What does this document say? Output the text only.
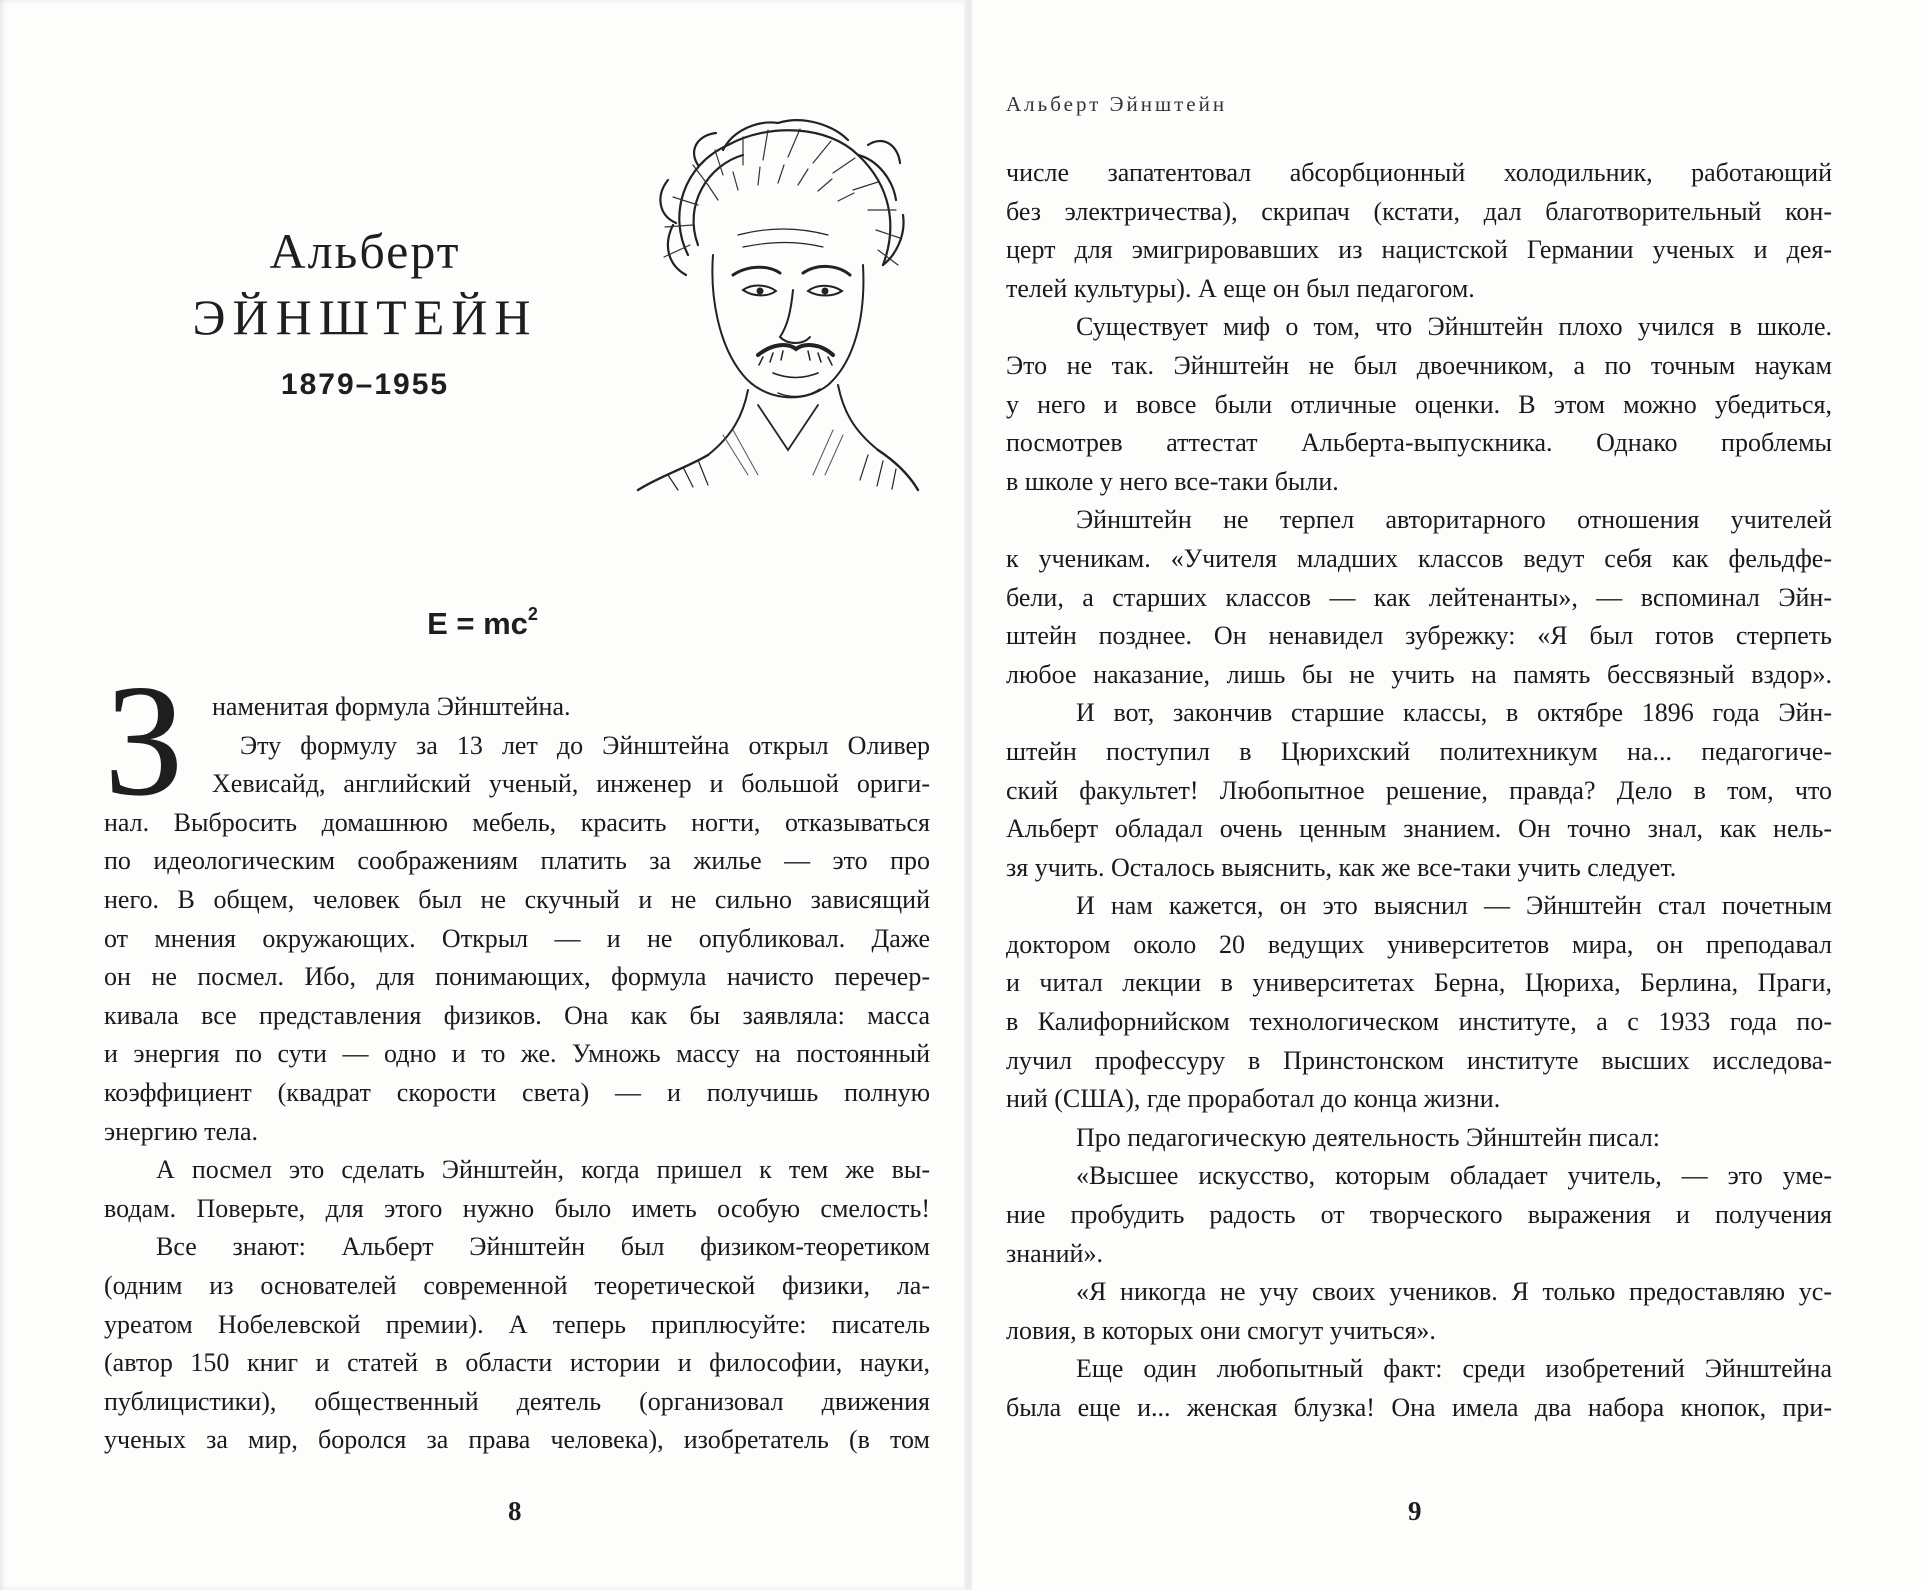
Альберт
ЭЙНШТЕЙН
1879–1955
$E = mc^2$
З	наменитая формула Эйнштейна.
Эту формулу за 13 лет до Эйнштейна открыл Оливер
Хевисайд, английский ученый, инженер и большой ориги-
нал. Выбросить домашнюю мебель, красить ногти, отказываться
по идеологическим соображениям платить за жилье — это про
него. В общем, человек был не скучный и не сильно зависящий
от мнения окружающих. Открыл — и не опубликовал. Даже
он не посмел. Ибо, для понимающих, формула начисто перечер-
кивала все представления физиков. Она как бы заявляла: масса
и энергия по сути — одно и то же. Умножь массу на постоянный
коэффициент (квадрат скорости света) — и получишь полную
энергию тела.
А посмел это сделать Эйнштейн, когда пришел к тем же вы-
водам. Поверьте, для этого нужно было иметь особую смелость!
Все знают: Альберт Эйнштейн был физиком-теоретиком
(одним из основателей современной теоретической физики, ла-
уреатом Нобелевской премии). А теперь приплюсуйте: писатель
(автор 150 книг и статей в области истории и философии, науки,
публицистики), общественный деятель (организовал движения
ученых за мир, боролся за права человека), изобретатель (в том
8
Альберт Эйнштейн
числе запатентовал абсорбционный холодильник, работающий
без электричества), скрипач (кстати, дал благотворительный кон-
церт для эмигрировавших из нацистской Германии ученых и дея-
телей культуры). А еще он был педагогом.
Существует миф о том, что Эйнштейн плохо учился в школе.
Это не так. Эйнштейн не был двоечником, а по точным наукам
у него и вовсе были отличные оценки. В этом можно убедиться,
посмотрев аттестат Альберта-выпускника. Однако проблемы
в школе у него все-таки были.
Эйнштейн не терпел авторитарного отношения учителей
к ученикам. «Учителя младших классов ведут себя как фельдфе-
бели, а старших классов — как лейтенанты», — вспоминал Эйн-
штейн позднее. Он ненавидел зубрежку: «Я был готов стерпеть
любое наказание, лишь бы не учить на память бессвязный вздор».
И вот, закончив старшие классы, в октябре 1896 года Эйн-
штейн поступил в Цюрихский политехникум на... педагогиче-
ский факультет! Любопытное решение, правда? Дело в том, что
Альберт обладал очень ценным знанием. Он точно знал, как нель-
зя учить. Осталось выяснить, как же все-таки учить следует.
И нам кажется, он это выяснил — Эйнштейн стал почетным
доктором около 20 ведущих университетов мира, он преподавал
и читал лекции в университетах Берна, Цюриха, Берлина, Праги,
в Калифорнийском технологическом институте, а с 1933 года по-
лучил профессуру в Принстонском институте высших исследова-
ний (США), где проработал до конца жизни.
Про педагогическую деятельность Эйнштейн писал:
«Высшее искусство, которым обладает учитель, — это уме-
ние пробудить радость от творческого выражения и получения
знаний».
«Я никогда не учу своих учеников. Я только предоставляю ус-
ловия, в которых они смогут учиться».
Еще один любопытный факт: среди изобретений Эйнштейна
была еще и... женская блузка! Она имела два набора кнопок, при-
9
